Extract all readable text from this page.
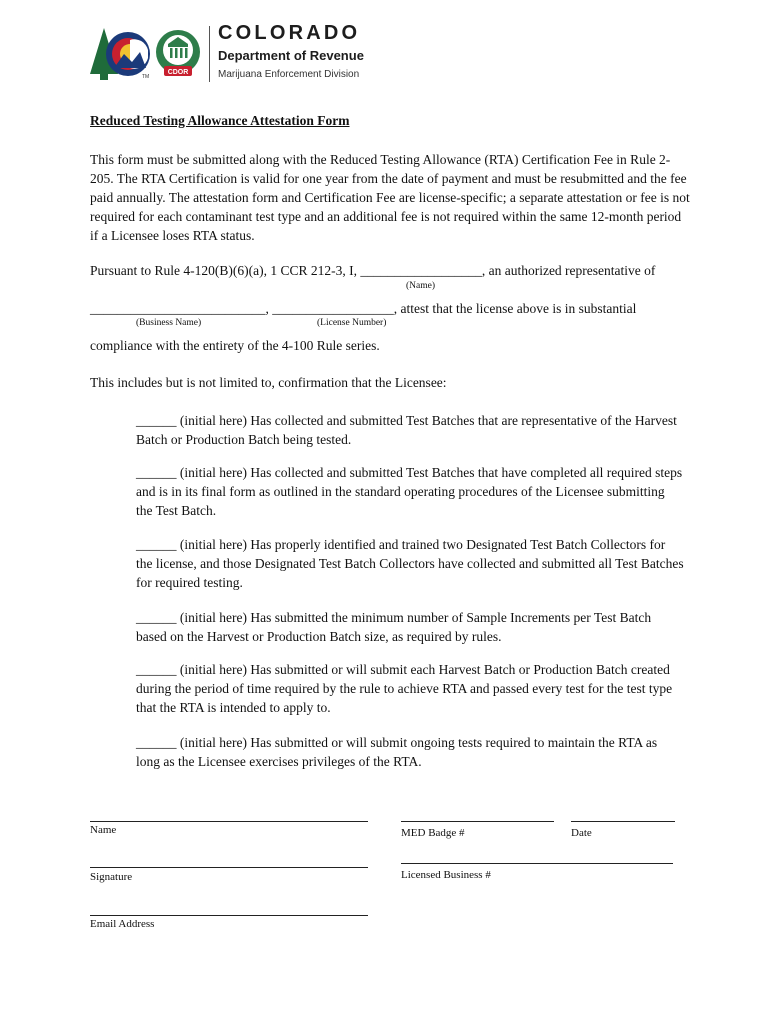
TM
CDOR
COLORADO
Department of Revenue
Marijuana Enforcement Division
Reduced Testing Allowance Attestation Form
This form must be submitted along with the Reduced Testing Allowance (RTA) Certification Fee in Rule 2-205. The RTA Certification is valid for one year from the date of payment and must be resubmitted and the fee paid annually. The attestation form and Certification Fee are license-specific; a separate attestation or fee is not required for each contaminant test type and an additional fee is not required within the same 12-month period if a Licensee loses RTA status.
Pursuant to Rule 4-120(B)(6)(a), 1 CCR 212-3, I, __________________, an authorized representative of
(Name)
__________________________, __________________, attest that the license above is in substantial
(Business Name)	(License Number)
compliance with the entirety of the 4-100 Rule series.
This includes but is not limited to, confirmation that the Licensee:
______ (initial here) Has collected and submitted Test Batches that are representative of the Harvest Batch or Production Batch being tested.
______ (initial here) Has collected and submitted Test Batches that have completed all required steps and is in its final form as outlined in the standard operating procedures of the Licensee submitting the Test Batch.
______ (initial here) Has properly identified and trained two Designated Test Batch Collectors for the license, and those Designated Test Batch Collectors have collected and submitted all Test Batches for required testing.
______ (initial here) Has submitted the minimum number of Sample Increments per Test Batch based on the Harvest or Production Batch size, as required by rules.
______ (initial here) Has submitted or will submit each Harvest Batch or Production Batch created during the period of time required by the rule to achieve RTA and passed every test for the test type that the RTA is intended to apply to.
______ (initial here) Has submitted or will submit ongoing tests required to maintain the RTA as long as the Licensee exercises privileges of the RTA.
Name	MED Badge #	Date
Signature	Licensed Business #
Email Address
